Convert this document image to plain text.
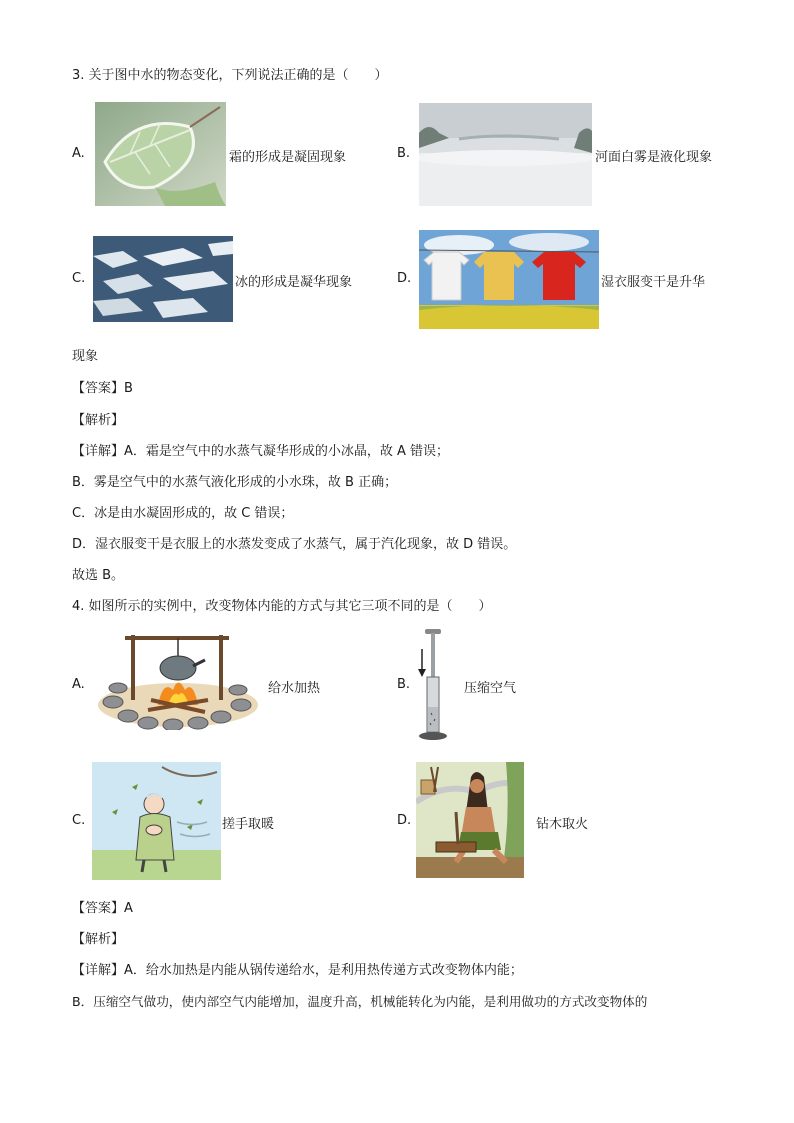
3. 关于图中水的物态变化，下列说法正确的是（　　）
A.	霜的形成是凝固现象	B.	河面白雾是液化现象
C.	冰的形成是凝华现象	D.	湿衣服变干是升华
现象
【答案】B
【解析】
【详解】A．霜是空气中的水蒸气凝华形成的小冰晶，故 A 错误；
B．雾是空气中的水蒸气液化形成的小水珠，故 B 正确；
C．冰是由水凝固形成的，故 C 错误；
D．湿衣服变干是衣服上的水蒸发变成了水蒸气，属于汽化现象，故 D 错误。
故选 B。
4. 如图所示的实例中，改变物体内能的方式与其它三项不同的是（　　）
A.	给水加热	B.	压缩空气
C.	搓手取暖	D.	钻木取火
【答案】A
【解析】
【详解】A．给水加热是内能从锅传递给水，是利用热传递方式改变物体内能；
B．压缩空气做功，使内部空气内能增加，温度升高，机械能转化为内能，是利用做功的方式改变物体的
